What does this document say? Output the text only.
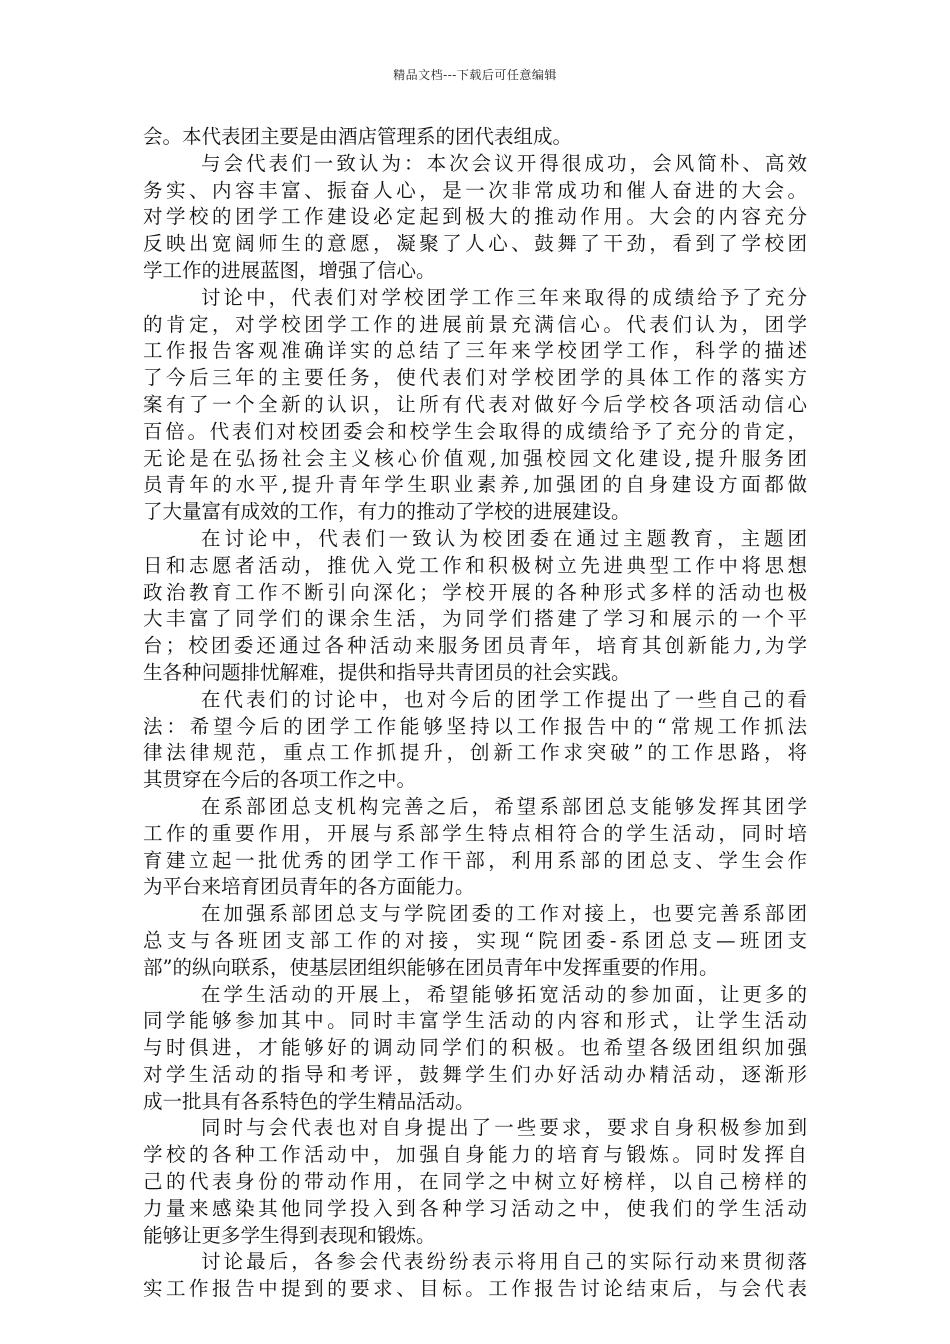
精品文档---下载后可任意编辑
会。本代表团主要是由酒店管理系的团代表组成。
与会代表们一致认为：本次会议开得很成功，会风简朴、高效
务实、内容丰富、振奋人心，是一次非常成功和催人奋进的大会。
对学校的团学工作建设必定起到极大的推动作用。大会的内容充分
反映出宽阔师生的意愿，凝聚了人心、鼓舞了干劲，看到了学校团
学工作的进展蓝图，增强了信心。
讨论中，代表们对学校团学工作三年来取得的成绩给予了充分
的肯定，对学校团学工作的进展前景充满信心。代表们认为，团学
工作报告客观准确详实的总结了三年来学校团学工作，科学的描述
了今后三年的主要任务，使代表们对学校团学的具体工作的落实方
案有了一个全新的认识，让所有代表对做好今后学校各项活动信心
百倍。代表们对校团委会和校学生会取得的成绩给予了充分的肯定，
无论是在弘扬社会主义核心价值观,加强校园文化建设,提升服务团
员青年的水平,提升青年学生职业素养,加强团的自身建设方面都做
了大量富有成效的工作，有力的推动了学校的进展建设。
在讨论中，代表们一致认为校团委在通过主题教育，主题团
日和志愿者活动，推优入党工作和积极树立先进典型工作中将思想
政治教育工作不断引向深化；学校开展的各种形式多样的活动也极
大丰富了同学们的课余生活，为同学们搭建了学习和展示的一个平
台；校团委还通过各种活动来服务团员青年，培育其创新能力,为学
生各种问题排忧解难，提供和指导共青团员的社会实践。
在代表们的讨论中，也对今后的团学工作提出了一些自己的看
法：希望今后的团学工作能够坚持以工作报告中的“常规工作抓法
律法律规范，重点工作抓提升，创新工作求突破”的工作思路，将
其贯穿在今后的各项工作之中。
在系部团总支机构完善之后，希望系部团总支能够发挥其团学
工作的重要作用，开展与系部学生特点相符合的学生活动，同时培
育建立起一批优秀的团学工作干部，利用系部的团总支、学生会作
为平台来培育团员青年的各方面能力。
在加强系部团总支与学院团委的工作对接上，也要完善系部团
总支与各班团支部工作的对接，实现“院团委-系团总支—班团支
部”的纵向联系，使基层团组织能够在团员青年中发挥重要的作用。
在学生活动的开展上，希望能够拓宽活动的参加面，让更多的
同学能够参加其中。同时丰富学生活动的内容和形式，让学生活动
与时俱进，才能够好的调动同学们的积极。也希望各级团组织加强
对学生活动的指导和考评，鼓舞学生们办好活动办精活动，逐渐形
成一批具有各系特色的学生精品活动。
同时与会代表也对自身提出了一些要求，要求自身积极参加到
学校的各种工作活动中，加强自身能力的培育与锻炼。同时发挥自
己的代表身份的带动作用，在同学之中树立好榜样，以自己榜样的
力量来感染其他同学投入到各种学习活动之中，使我们的学生活动
能够让更多学生得到表现和锻炼。
讨论最后，各参会代表纷纷表示将用自己的实际行动来贯彻落
实工作报告中提到的要求、目标。工作报告讨论结束后，与会代表
